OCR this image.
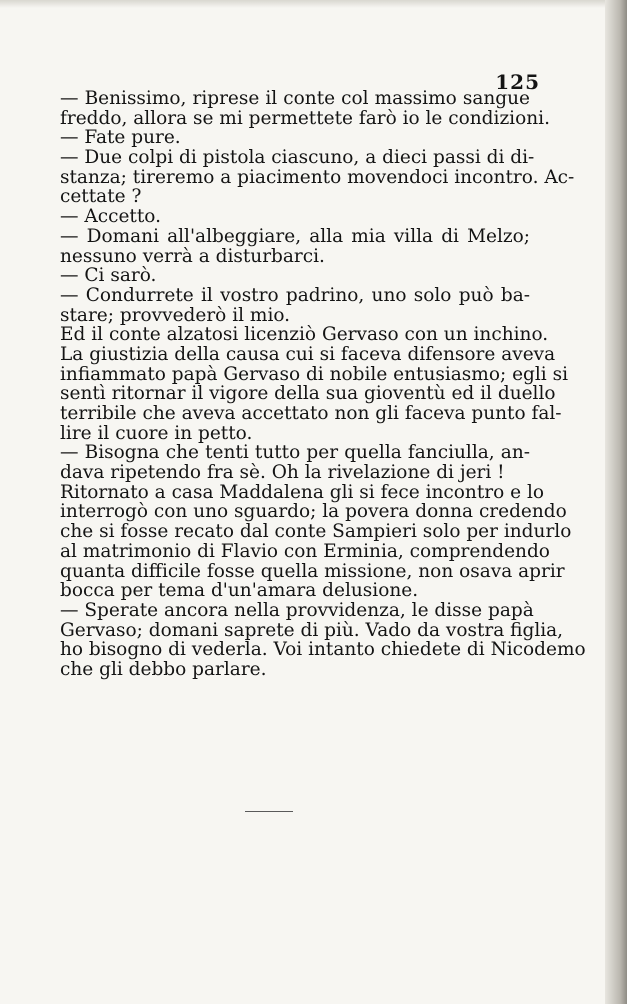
125
— Benissimo, riprese il conte col massimo sangue
freddo, allora se mi permettete farò io le condizioni.
— Fate pure.
— Due colpi di pistola ciascuno, a dieci passi di di-
stanza; tireremo a piacimento movendoci incontro. Ac-
cettate ?
— Accetto.
— Domani all'albeggiare, alla mia villa di Melzo;
nessuno verrà a disturbarci.
— Ci sarò.
— Condurrete il vostro padrino, uno solo può ba-
stare; provvederò il mio.
Ed il conte alzatosi licenziò Gervaso con un inchino.
La giustizia della causa cui si faceva difensore aveva
infiammato papà Gervaso di nobile entusiasmo; egli si
sentì ritornar il vigore della sua gioventù ed il duello
terribile che aveva accettato non gli faceva punto fal-
lire il cuore in petto.
— Bisogna che tenti tutto per quella fanciulla, an-
dava ripetendo fra sè. Oh la rivelazione di jeri !
Ritornato a casa Maddalena gli si fece incontro e lo
interrogò con uno sguardo; la povera donna credendo
che si fosse recato dal conte Sampieri solo per indurlo
al matrimonio di Flavio con Erminia, comprendendo
quanta difficile fosse quella missione, non osava aprir
bocca per tema d'un'amara delusione.
— Sperate ancora nella provvidenza, le disse papà
Gervaso; domani saprete di più. Vado da vostra figlia,
ho bisogno di vederla. Voi intanto chiedete di Nicodemo
che gli debbo parlare.
